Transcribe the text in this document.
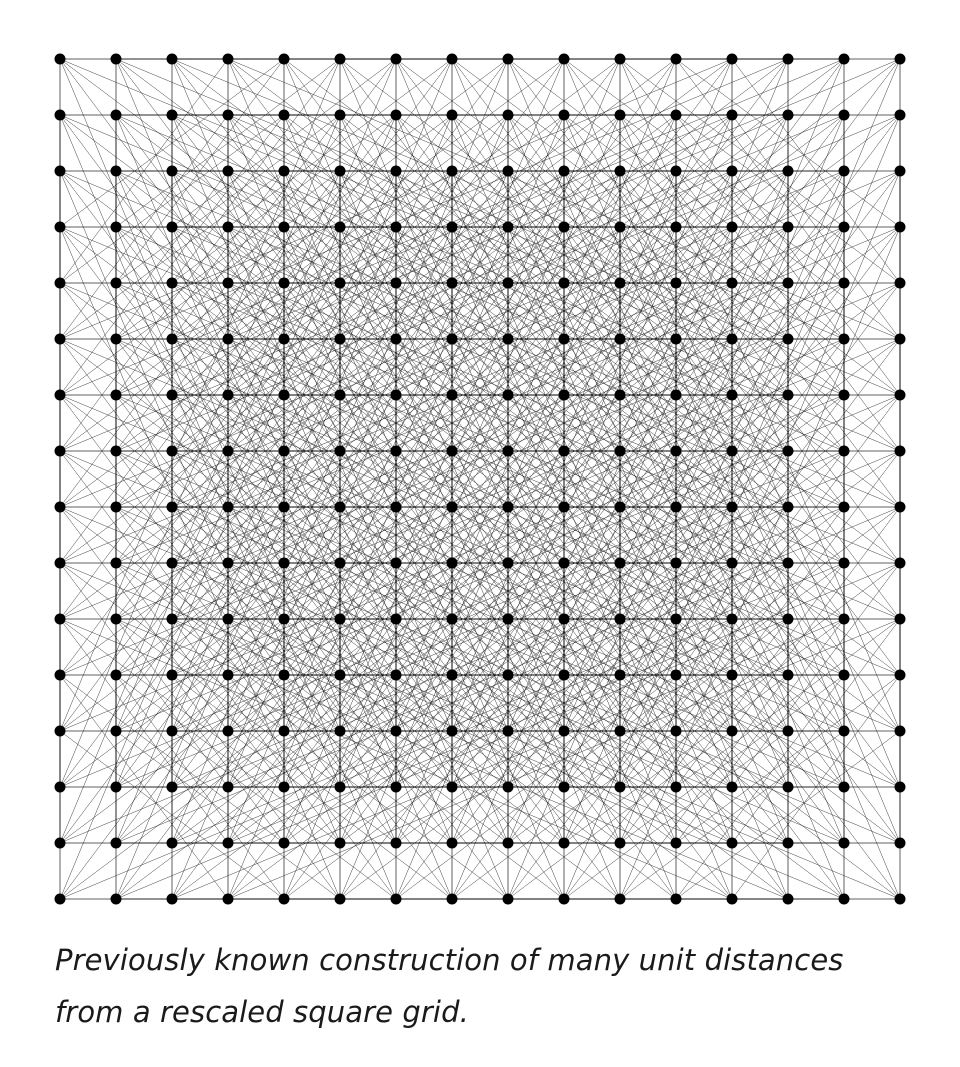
Previously known construction of many unit distances from a rescaled square grid.
